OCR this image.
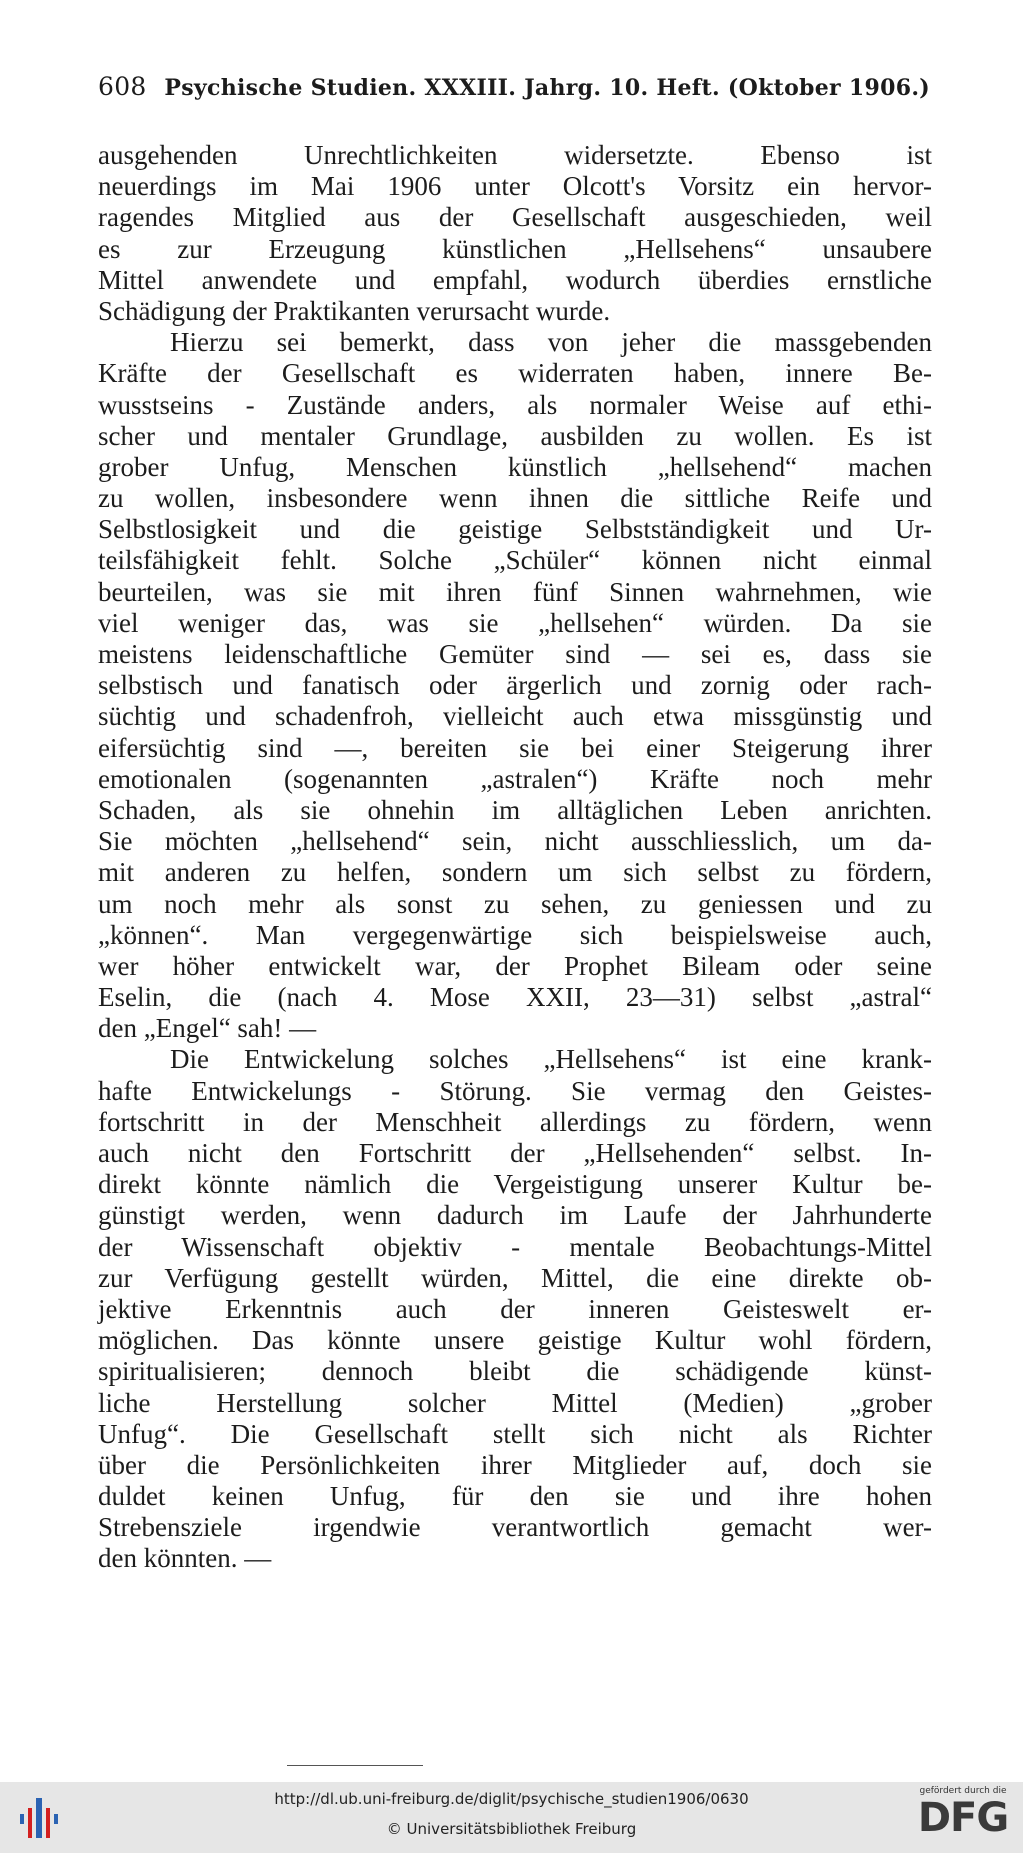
608 Psychische Studien. XXXIII. Jahrg. 10. Heft. (Oktober 1906.)
ausgehenden Unrechtlichkeiten widersetzte. Ebenso ist
neuerdings im Mai 1906 unter Olcott's Vorsitz ein hervor-
ragendes Mitglied aus der Gesellschaft ausgeschieden, weil
es zur Erzeugung künstlichen „Hellsehens“ unsaubere
Mittel anwendete und empfahl, wodurch überdies ernstliche
Schädigung der Praktikanten verursacht wurde.
Hierzu sei bemerkt, dass von jeher die massgebenden
Kräfte der Gesellschaft es widerraten haben, innere Be-
wusstseins - Zustände anders, als normaler Weise auf ethi-
scher und mentaler Grundlage, ausbilden zu wollen. Es ist
grober Unfug, Menschen künstlich „hellsehend“ machen
zu wollen, insbesondere wenn ihnen die sittliche Reife und
Selbstlosigkeit und die geistige Selbstständigkeit und Ur-
teilsfähigkeit fehlt. Solche „Schüler“ können nicht einmal
beurteilen, was sie mit ihren fünf Sinnen wahrnehmen, wie
viel weniger das, was sie „hellsehen“ würden. Da sie
meistens leidenschaftliche Gemüter sind — sei es, dass sie
selbstisch und fanatisch oder ärgerlich und zornig oder rach-
süchtig und schadenfroh, vielleicht auch etwa missgünstig und
eifersüchtig sind —, bereiten sie bei einer Steigerung ihrer
emotionalen (sogenannten „astralen“) Kräfte noch mehr
Schaden, als sie ohnehin im alltäglichen Leben anrichten.
Sie möchten „hellsehend“ sein, nicht ausschliesslich, um da-
mit anderen zu helfen, sondern um sich selbst zu fördern,
um noch mehr als sonst zu sehen, zu geniessen und zu
„können“. Man vergegenwärtige sich beispielsweise auch,
wer höher entwickelt war, der Prophet Bileam oder seine
Eselin, die (nach 4. Mose XXII, 23—31) selbst „astral“
den „Engel“ sah! —
Die Entwickelung solches „Hellsehens“ ist eine krank-
hafte Entwickelungs - Störung. Sie vermag den Geistes-
fortschritt in der Menschheit allerdings zu fördern, wenn
auch nicht den Fortschritt der „Hellsehenden“ selbst. In-
direkt könnte nämlich die Vergeistigung unserer Kultur be-
günstigt werden, wenn dadurch im Laufe der Jahrhunderte
der Wissenschaft objektiv - mentale Beobachtungs-Mittel
zur Verfügung gestellt würden, Mittel, die eine direkte ob-
jektive Erkenntnis auch der inneren Geisteswelt er-
möglichen. Das könnte unsere geistige Kultur wohl fördern,
spiritualisieren; dennoch bleibt die schädigende künst-
liche Herstellung solcher Mittel (Medien) „grober
Unfug“. Die Gesellschaft stellt sich nicht als Richter
über die Persönlichkeiten ihrer Mitglieder auf, doch sie
duldet keinen Unfug, für den sie und ihre hohen
Strebensziele irgendwie verantwortlich gemacht wer-
den könnten. —
http://dl.ub.uni-freiburg.de/diglit/psychische_studien1906/0630
© Universitätsbibliothek Freiburg
gefördert durch die
DFG
